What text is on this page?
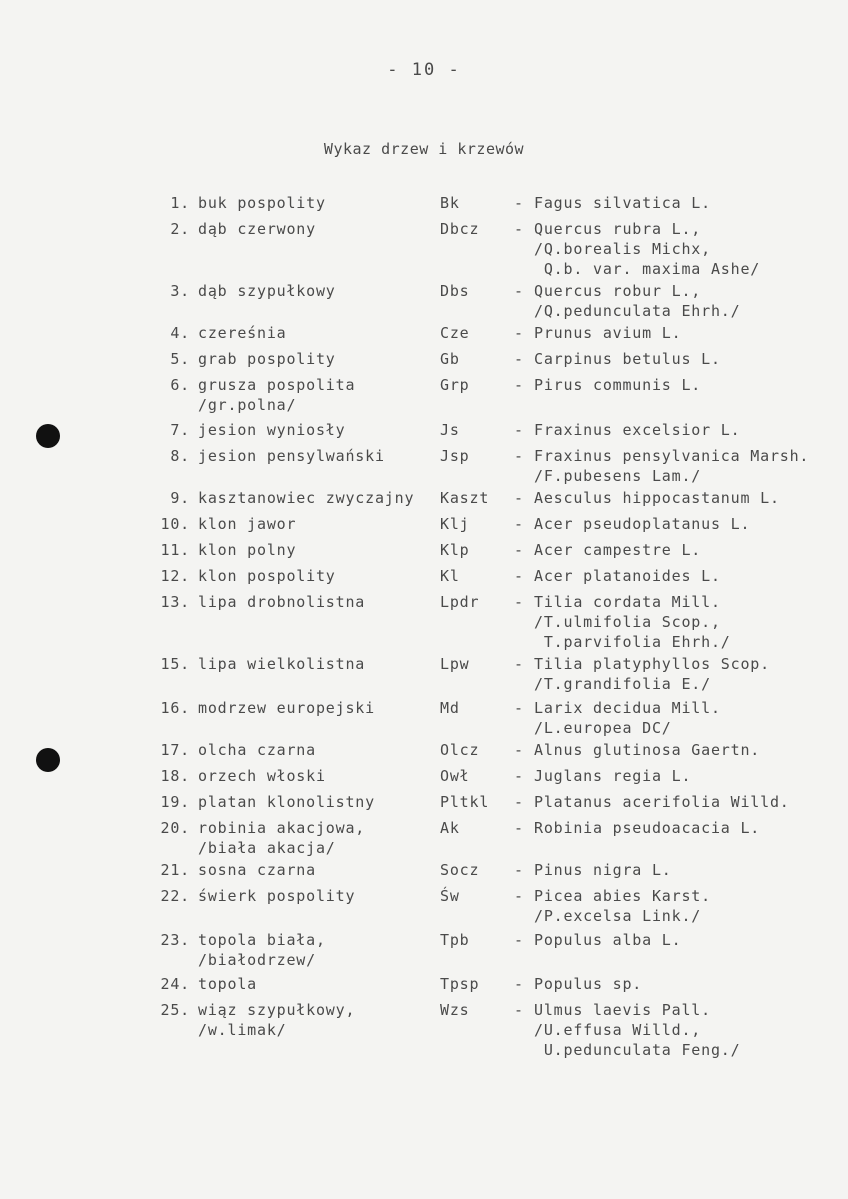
- 10 -
Wykaz drzew i krzewów
1. buk pospolity	Bk	- Fagus silvatica L.
2. dąb czerwony	Dbcz - Quercus rubra L.,
/Q.borealis Michx,
Q.b. var. maxima Ashe/
3. dąb szypułkowy	Dbs	- Quercus robur L.,
/Q.pedunculata Ehrh./
4. czereśnia	Cze	- Prunus avium L.
5. grab pospolity	Gb	- Carpinus betulus L.
6. grusza pospolita
/gr.polna/
Grp	- Pirus communis L.
7. jesion wyniosły	Js	- Fraxinus excelsior L.
8. jesion pensylwański	Jsp	- Fraxinus pensylvanica Marsh.
/F.pubesens Lam./
9. kasztanowiec zwyczajny Kaszt - Aesculus hippocastanum L.
10. klon jawor	Klj	- Acer pseudoplatanus L.
11. klon polny	Klp	- Acer campestre L.
12. klon pospolity	Kl	- Acer platanoides L.
13. lipa drobnolistna	Lpdr - Tilia cordata Mill.
/T.ulmifolia Scop.,
T.parvifolia Ehrh./
15. lipa wielkolistna	Lpw	- Tilia platyphyllos Scop.
/T.grandifolia E./
16. modrzew europejski	Md	- Larix decidua Mill.
/L.europea DC/
17. olcha czarna	Olcz - Alnus glutinosa Gaertn.
18. orzech włoski	Owł	- Juglans regia L.
19. platan klonolistny	Pltkl - Platanus acerifolia Willd.
20. robinia akacjowa,
/biała akacja/
Ak	- Robinia pseudoacacia L.
21. sosna czarna	Socz - Pinus nigra L.
22. świerk pospolity	Św	- Picea abies Karst.
/P.excelsa Link./
23. topola biała,
/białodrzew/
Tpb	- Populus alba L.
24. topola	Tpsp - Populus sp.
25. wiąz szypułkowy,
/w.limak/
Wzs	- Ulmus laevis Pall.
/U.effusa Willd.,
U.pedunculata Feng./
